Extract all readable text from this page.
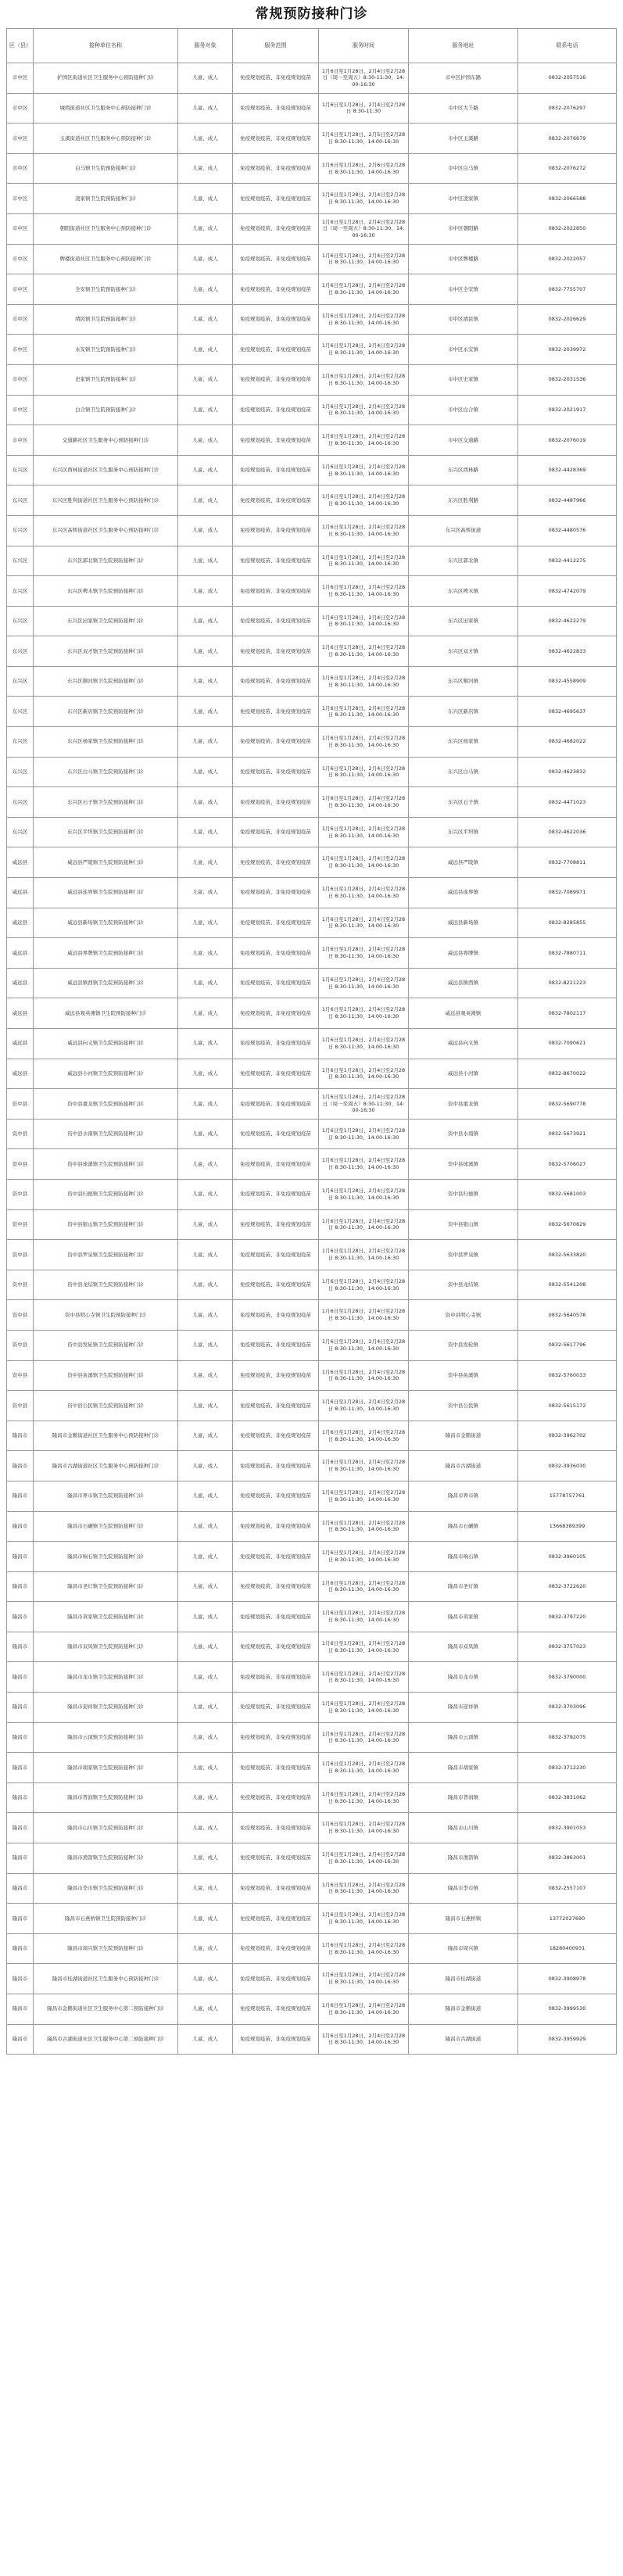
常规预防接种门诊
区（县）	接种单位名称	服务对象	服务范围	服务时间	服务地址	联系电话
市中区	护国区街道社区卫生服务中心预防接种门诊	儿童、成人	免疫规划疫苗、非免疫规划疫苗	1月6日至1月28日、2月4日至2月28日（周一至周五）8:30-11:30，14:00-16:30	市中区护国东路	0832-2057516
市中区	城西街道社区卫生服务中心预防接种门诊	儿童、成人	免疫规划疫苗、非免疫规划疫苗	1月6日至1月28日、2月4日至2月28日 8:30-11:30	市中区大千路	0832-2076297
市中区	玉溪街道社区卫生服务中心预防接种门诊	儿童、成人	免疫规划疫苗、非免疫规划疫苗	1月6日至1月28日、2月5日至2月28日 8:30-11:30，14:00-16:30	市中区玉溪路	0832-2076679
市中区	白马镇卫生院预防接种门诊	儿童、成人	免疫规划疫苗、非免疫规划疫苗	1月6日至1月28日、2月6日至2月28日 8:30-11:30，14:00-16:30	市中区白马镇	0832-2076272
市中区	凌家镇卫生院预防接种门诊	儿童、成人	免疫规划疫苗、非免疫规划疫苗	1月6日至1月28日、2月4日至2月28日 8:30-11:30，14:00-16:30	市中区凌家镇	0832-2066588
市中区	朝阳街道社区卫生服务中心预防接种门诊	儿童、成人	免疫规划疫苗、非免疫规划疫苗	1月6日至1月28日、2月4日至2月28日（周一至周五）8:30-11:30，14:00-16:30	市中区朝阳路	0832-2022850
市中区	牌楼街道社区卫生服务中心预防接种门诊	儿童、成人	免疫规划疫苗、非免疫规划疫苗	1月6日至1月28日、2月4日至2月28日 8:30-11:30，14:00-16:30	市中区牌楼路	0832-2022057
市中区	全安镇卫生院预防接种门诊	儿童、成人	免疫规划疫苗、非免疫规划疫苗	1月6日至1月28日、2月4日至2月28日 8:30-11:30，14:00-16:30	市中区全安镇	0832-7755707
市中区	靖民镇卫生院预防接种门诊	儿童、成人	免疫规划疫苗、非免疫规划疫苗	1月6日至1月28日、2月4日至2月28日 8:30-11:30，14:00-16:30	市中区靖民镇	0832-2026629
市中区	永安镇卫生院预防接种门诊	儿童、成人	免疫规划疫苗、非免疫规划疫苗	1月6日至1月28日、2月4日至2月28日 8:30-11:30，14:00-16:30	市中区永安镇	0832-2039972
市中区	史家镇卫生院预防接种门诊	儿童、成人	免疫规划疫苗、非免疫规划疫苗	1月6日至1月28日、2月4日至2月28日 8:30-11:30，14:00-16:30	市中区史家镇	0832-2031536
市中区	白合镇卫生院预防接种门诊	儿童、成人	免疫规划疫苗、非免疫规划疫苗	1月6日至1月28日、2月4日至2月28日 8:30-11:30，14:00-16:30	市中区白合镇	0832-2021917
市中区	交通路社区卫生服务中心预防接种门诊	儿童、成人	免疫规划疫苗、非免疫规划疫苗	1月6日至1月28日、2月4日至2月28日 8:30-11:30，14:00-16:30	市中区交通路	0832-2076019
东兴区	东兴区西林街道社区卫生服务中心预防接种门诊	儿童、成人	免疫规划疫苗、非免疫规划疫苗	1月6日至1月28日、2月4日至2月28日 8:30-11:30，14:00-16:30	东兴区西林路	0832-4428369
东兴区	东兴区胜利街道社区卫生服务中心预防接种门诊	儿童、成人	免疫规划疫苗、非免疫规划疫苗	1月6日至1月28日、2月4日至2月28日 8:30-11:30，14:00-16:30	东兴区胜利路	0832-4487966
东兴区	东兴区高桥街道社区卫生服务中心预防接种门诊	儿童、成人	免疫规划疫苗、非免疫规划疫苗	1月6日至1月28日、2月4日至2月28日 8:30-11:30，14:00-16:30	东兴区高桥街道	0832-4480576
东兴区	东兴区郭北镇卫生院预防接种门诊	儿童、成人	免疫规划疫苗、非免疫规划疫苗	1月6日至1月28日、2月4日至2月28日 8:30-11:30，14:00-16:30	东兴区郭北镇	0832-4412275
东兴区	东兴区椑木镇卫生院预防接种门诊	儿童、成人	免疫规划疫苗、非免疫规划疫苗	1月6日至1月28日、2月4日至2月28日 8:30-11:30，14:00-16:30	东兴区椑木镇	0832-4742079
东兴区	东兴区田家镇卫生院预防接种门诊	儿童、成人	免疫规划疫苗、非免疫规划疫苗	1月6日至1月28日、2月4日至2月28日 8:30-11:30，14:00-16:30	东兴区田家镇	0832-4622279
东兴区	东兴区双才镇卫生院预防接种门诊	儿童、成人	免疫规划疫苗、非免疫规划疫苗	1月6日至1月28日、2月4日至2月28日 8:30-11:30，14:00-16:30	东兴区双才镇	0832-4622833
东兴区	东兴区顺河镇卫生院预防接种门诊	儿童、成人	免疫规划疫苗、非免疫规划疫苗	1月6日至1月28日、2月4日至2月28日 8:30-11:30，14:00-16:30	东兴区顺河镇	0832-4558909
东兴区	东兴区新店镇卫生院预防接种门诊	儿童、成人	免疫规划疫苗、非免疫规划疫苗	1月6日至1月28日、2月4日至2月28日 8:30-11:30，14:00-16:30	东兴区新店镇	0832-4695637
东兴区	东兴区杨家镇卫生院预防接种门诊	儿童、成人	免疫规划疫苗、非免疫规划疫苗	1月6日至1月28日、2月4日至2月28日 8:30-11:30，14:00-16:30	东兴区杨家镇	0832-4682022
东兴区	东兴区白马镇卫生院预防接种门诊	儿童、成人	免疫规划疫苗、非免疫规划疫苗	1月6日至1月28日、2月4日至2月28日 8:30-11:30，14:00-16:30	东兴区白马镇	0832-4623832
东兴区	东兴区石子镇卫生院预防接种门诊	儿童、成人	免疫规划疫苗、非免疫规划疫苗	1月6日至1月28日、2月4日至2月28日 8:30-11:30，14:00-16:30	东兴区石子镇	0832-4471023
东兴区	东兴区平坦镇卫生院预防接种门诊	儿童、成人	免疫规划疫苗、非免疫规划疫苗	1月6日至1月28日、2月4日至2月28日 8:30-11:30，14:00-16:30	东兴区平坦镇	0832-4622036
威远县	威远县严陵镇卫生院预防接种门诊	儿童、成人	免疫规划疫苗、非免疫规划疫苗	1月6日至1月28日、2月4日至2月28日 8:30-11:30，14:00-16:30	威远县严陵镇	0832-7708811
威远县	威远县连界镇卫生院预防接种门诊	儿童、成人	免疫规划疫苗、非免疫规划疫苗	1月6日至1月28日、2月4日至2月28日 8:30-11:30，14:00-16:30	威远县连界镇	0832-7089971
威远县	威远县新场镇卫生院预防接种门诊	儿童、成人	免疫规划疫苗、非免疫规划疫苗	1月6日至1月28日、2月4日至2月28日 8:30-11:30，14:00-16:30	威远县新场镇	0832-8285855
威远县	威远县界牌镇卫生院预防接种门诊	儿童、成人	免疫规划疫苗、非免疫规划疫苗	1月6日至1月28日、2月4日至2月28日 8:30-11:30，14:00-16:30	威远县界牌镇	0832-7880711
威远县	威远县镇西镇卫生院预防接种门诊	儿童、成人	免疫规划疫苗、非免疫规划疫苗	1月6日至1月28日、2月4日至2月28日 8:30-11:30，14:00-16:30	威远县镇西镇	0832-8221223
威远县	威远县观英滩镇卫生院预防接种门诊	儿童、成人	免疫规划疫苗、非免疫规划疫苗	1月6日至1月28日、2月4日至2月28日 8:30-11:30，14:00-16:30	威远县观英滩镇	0832-7802117
威远县	威远县向义镇卫生院预防接种门诊	儿童、成人	免疫规划疫苗、非免疫规划疫苗	1月6日至1月28日、2月4日至2月28日 8:30-11:30，14:00-16:30	威远县向义镇	0832-7090621
威远县	威远县小河镇卫生院预防接种门诊	儿童、成人	免疫规划疫苗、非免疫规划疫苗	1月6日至1月28日、2月4日至2月28日 8:30-11:30，14:00-16:30	威远县小河镇	0832-8670022
资中县	资中县重龙镇卫生院预防接种门诊	儿童、成人	免疫规划疫苗、非免疫规划疫苗	1月6日至1月28日、2月4日至2月28日（周一至周五）8:30-11:30，14:00-16:30	资中县重龙镇	0832-5690778
资中县	资中县水南镇卫生院预防接种门诊	儿童、成人	免疫规划疫苗、非免疫规划疫苗	1月6日至1月28日、2月4日至2月28日 8:30-11:30，14:00-16:30	资中县水南镇	0832-5673921
资中县	资中县球溪镇卫生院预防接种门诊	儿童、成人	免疫规划疫苗、非免疫规划疫苗	1月6日至1月28日、2月4日至2月28日 8:30-11:30，14:00-16:30	资中县球溪镇	0832-5706027
资中县	资中县归德镇卫生院预防接种门诊	儿童、成人	免疫规划疫苗、非免疫规划疫苗	1月6日至1月28日、2月4日至2月28日 8:30-11:30，14:00-16:30	资中县归德镇	0832-5681003
资中县	资中县银山镇卫生院预防接种门诊	儿童、成人	免疫规划疫苗、非免疫规划疫苗	1月6日至1月28日、2月4日至2月28日 8:30-11:30，14:00-16:30	资中县银山镇	0832-5670829
资中县	资中县罗泉镇卫生院预防接种门诊	儿童、成人	免疫规划疫苗、非免疫规划疫苗	1月6日至1月28日、2月4日至2月28日 8:30-11:30，14:00-16:30	资中县罗泉镇	0832-5633820
资中县	资中县龙结镇卫生院预防接种门诊	儿童、成人	免疫规划疫苗、非免疫规划疫苗	1月6日至1月28日、2月4日至2月28日 8:30-11:30，14:00-16:30	资中县龙结镇	0832-5541208
资中县	资中县明心寺镇卫生院预防接种门诊	儿童、成人	免疫规划疫苗、非免疫规划疫苗	1月6日至1月28日、2月4日至2月28日 8:30-11:30，14:00-16:30	资中县明心寺镇	0832-5640578
资中县	资中县发轮镇卫生院预防接种门诊	儿童、成人	免疫规划疫苗、非免疫规划疫苗	1月6日至1月28日、2月4日至2月28日 8:30-11:30，14:00-16:30	资中县发轮镇	0832-5617796
资中县	资中县鱼溪镇卫生院预防接种门诊	儿童、成人	免疫规划疫苗、非免疫规划疫苗	1月6日至1月28日、2月4日至2月28日 8:30-11:30，14:00-16:30	资中县鱼溪镇	0832-5760033
资中县	资中县公民镇卫生院预防接种门诊	儿童、成人	免疫规划疫苗、非免疫规划疫苗	1月6日至1月28日、2月4日至2月28日 8:30-11:30，14:00-16:30	资中县公民镇	0832-5615172
隆昌市	隆昌市金鹅街道社区卫生服务中心预防接种门诊	儿童、成人	免疫规划疫苗、非免疫规划疫苗	1月6日至1月28日、2月4日至2月28日 8:30-11:30，14:00-16:30	隆昌市金鹅街道	0832-3962702
隆昌市	隆昌市古湖街道社区卫生服务中心预防接种门诊	儿童、成人	免疫规划疫苗、非免疫规划疫苗	1月6日至1月28日、2月4日至2月28日 8:30-11:30，14:00-16:30	隆昌市古湖街道	0832-3936030
隆昌市	隆昌市界市镇卫生院预防接种门诊	儿童、成人	免疫规划疫苗、非免疫规划疫苗	1月6日至1月28日、2月4日至2月28日 8:30-11:30，14:00-16:30	隆昌市界市镇	15778757761
隆昌市	隆昌市石碾镇卫生院预防接种门诊	儿童、成人	免疫规划疫苗、非免疫规划疫苗	1月6日至1月28日、2月4日至2月28日 8:30-11:30，14:00-16:30	隆昌市石碾镇	13668389399
隆昌市	隆昌市响石镇卫生院预防接种门诊	儿童、成人	免疫规划疫苗、非免疫规划疫苗	1月6日至1月28日、2月4日至2月28日 8:30-11:30，14:00-16:30	隆昌市响石镇	0832-3960105
隆昌市	隆昌市圣灯镇卫生院预防接种门诊	儿童、成人	免疫规划疫苗、非免疫规划疫苗	1月6日至1月28日、2月4日至2月28日 8:30-11:30，14:00-16:30	隆昌市圣灯镇	0832-3722620
隆昌市	隆昌市黄家镇卫生院预防接种门诊	儿童、成人	免疫规划疫苗、非免疫规划疫苗	1月6日至1月28日、2月4日至2月28日 8:30-11:30，14:00-16:30	隆昌市黄家镇	0832-3797220
隆昌市	隆昌市双凤镇卫生院预防接种门诊	儿童、成人	免疫规划疫苗、非免疫规划疫苗	1月6日至1月28日、2月4日至2月28日 8:30-11:30，14:00-16:30	隆昌市双凤镇	0832-3757023
隆昌市	隆昌市龙市镇卫生院预防接种门诊	儿童、成人	免疫规划疫苗、非免疫规划疫苗	1月6日至1月28日、2月4日至2月28日 8:30-11:30，14:00-16:30	隆昌市龙市镇	0832-3790000
隆昌市	隆昌市迎祥镇卫生院预防接种门诊	儿童、成人	免疫规划疫苗、非免疫规划疫苗	1月6日至1月28日、2月4日至2月28日 8:30-11:30，14:00-16:30	隆昌市迎祥镇	0832-3703096
隆昌市	隆昌市云顶镇卫生院预防接种门诊	儿童、成人	免疫规划疫苗、非免疫规划疫苗	1月6日至1月28日、2月4日至2月28日 8:30-11:30，14:00-16:30	隆昌市云顶镇	0832-3792075
隆昌市	隆昌市胡家镇卫生院预防接种门诊	儿童、成人	免疫规划疫苗、非免疫规划疫苗	1月6日至1月28日、2月4日至2月28日 8:30-11:30，14:00-16:30	隆昌市胡家镇	0832-3712230
隆昌市	隆昌市普润镇卫生院预防接种门诊	儿童、成人	免疫规划疫苗、非免疫规划疫苗	1月6日至1月28日、2月4日至2月28日 8:30-11:30，14:00-16:30	隆昌市普润镇	0832-3831062
隆昌市	隆昌市山川镇卫生院预防接种门诊	儿童、成人	免疫规划疫苗、非免疫规划疫苗	1月6日至1月28日、2月4日至2月28日 8:30-11:30，14:00-16:30	隆昌市山川镇	0832-3901053
隆昌市	隆昌市渔箭镇卫生院预防接种门诊	儿童、成人	免疫规划疫苗、非免疫规划疫苗	1月6日至1月28日、2月4日至2月28日 8:30-11:30，14:00-16:30	隆昌市渔箭镇	0832-3863001
隆昌市	隆昌市李市镇卫生院预防接种门诊	儿童、成人	免疫规划疫苗、非免疫规划疫苗	1月6日至1月28日、2月4日至2月28日 8:30-11:30，14:00-16:30	隆昌市李市镇	0832-2557107
隆昌市	隆昌市石燕桥镇卫生院预防接种门诊	儿童、成人	免疫规划疫苗、非免疫规划疫苗	1月6日至1月28日、2月4日至2月28日 8:30-11:30，14:00-16:30	隆昌市石燕桥镇	13772027690
隆昌市	隆昌市周兴镇卫生院预防接种门诊	儿童、成人	免疫规划疫苗、非免疫规划疫苗	1月6日至1月28日、2月4日至2月28日 8:30-11:30，14:00-16:30	隆昌市周兴镇	18280400931
隆昌市	隆昌市桂湖街道社区卫生服务中心预防接种门诊	儿童、成人	免疫规划疫苗、非免疫规划疫苗	1月6日至1月28日、2月4日至2月28日 8:30-11:30，14:00-16:30	隆昌市桂湖街道	0832-3908978
隆昌市	隆昌市金鹅街道社区卫生服务中心第二预防接种门诊	儿童、成人	免疫规划疫苗、非免疫规划疫苗	1月6日至1月28日、2月4日至2月28日 8:30-11:30，14:00-16:30	隆昌市金鹅街道	0832-3999530
隆昌市	隆昌市古湖街道社区卫生服务中心第二预防接种门诊	儿童、成人	免疫规划疫苗、非免疫规划疫苗	1月6日至1月28日、2月4日至2月28日 8:30-11:30，14:00-16:30	隆昌市古湖街道	0832-3959929
